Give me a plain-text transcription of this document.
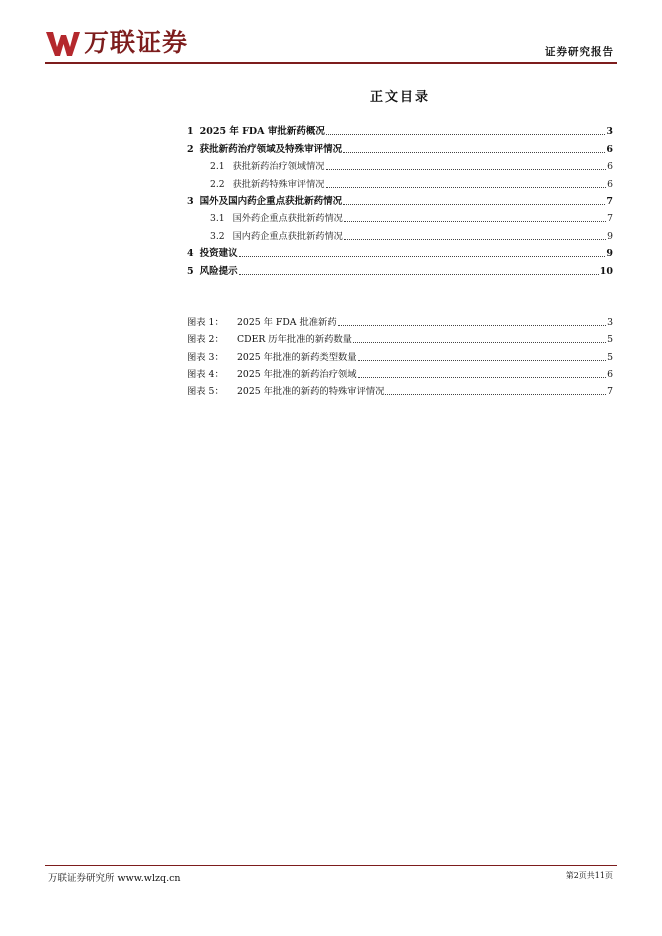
万联证券	证券研究报告
正文目录
1 2025 年 FDA 审批新药概况	3
2 获批新药治疗领域及特殊审评情况	6
2.1 获批新药治疗领域情况	6
2.2 获批新药特殊审评情况	6
3 国外及国内药企重点获批新药情况	7
3.1 国外药企重点获批新药情况	7
3.2 国内药企重点获批新药情况	9
4 投资建议	9
5 风险提示	10
图表 1：	2025 年 FDA 批准新药	3
图表 2：	CDER 历年批准的新药数量	5
图表 3：	2025 年批准的新药类型数量	5
图表 4：	2025 年批准的新药治疗领域	6
图表 5：	2025 年批准的新药的特殊审评情况	7
万联证券研究所 www.wlzq.cn	第2页共11页
